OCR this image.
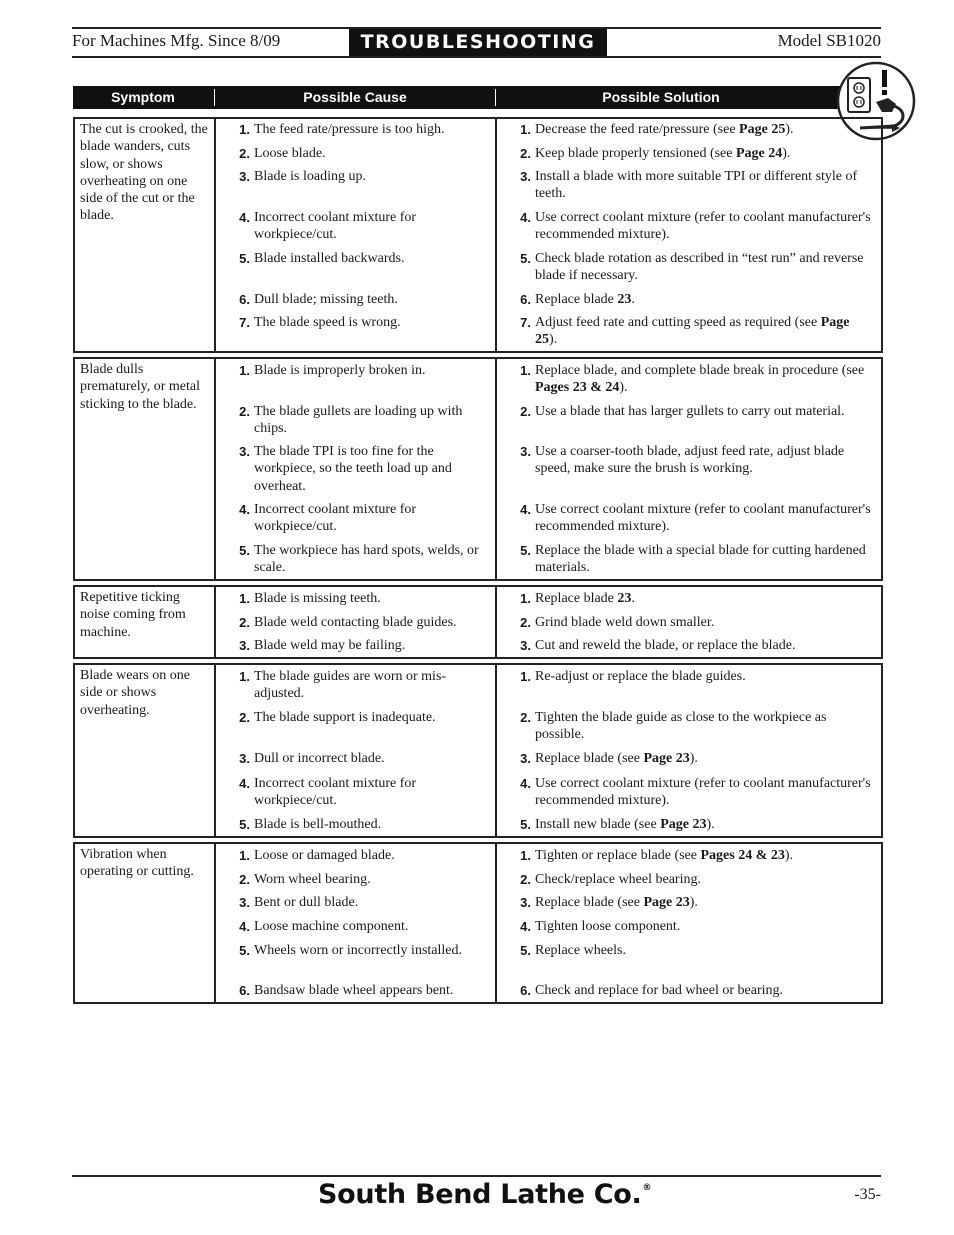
For Machines Mfg. Since 8/09	TROUBLESHOOTING	Model SB1020
Symptom	Possible Cause	Possible Solution
The cut is crooked, the blade wanders, cuts slow, or shows overheating on one side of the cut or the blade.
1. The feed rate/pressure is too high.
2. Loose blade.
3. Blade is loading up.
4. Incorrect coolant mixture for workpiece/cut.
5. Blade installed backwards.
6. Dull blade; missing teeth.
7. The blade speed is wrong.
1. Decrease the feed rate/pressure (see Page 25).
2. Keep blade properly tensioned (see Page 24).
3. Install a blade with more suitable TPI or different style of teeth.
4. Use correct coolant mixture (refer to coolant manufacturer's recommended mixture).
5. Check blade rotation as described in “test run” and reverse blade if necessary.
6. Replace blade 23.
7. Adjust feed rate and cutting speed as required (see Page 25).
Blade dulls prematurely, or metal sticking to the blade.
1. Blade is improperly broken in.
2. The blade gullets are loading up with chips.
3. The blade TPI is too fine for the workpiece, so the teeth load up and overheat.
4. Incorrect coolant mixture for workpiece/cut.
5. The workpiece has hard spots, welds, or scale.
1. Replace blade, and complete blade break in procedure (see Pages 23 & 24).
2. Use a blade that has larger gullets to carry out material.
3. Use a coarser-tooth blade, adjust feed rate, adjust blade speed, make sure the brush is working.
4. Use correct coolant mixture (refer to coolant manufacturer's recommended mixture).
5. Replace the blade with a special blade for cutting hardened materials.
Repetitive ticking noise coming from machine.
1. Blade is missing teeth.
2. Blade weld contacting blade guides.
3. Blade weld may be failing.
1. Replace blade 23.
2. Grind blade weld down smaller.
3. Cut and reweld the blade, or replace the blade.
Blade wears on one side or shows overheating.
1. The blade guides are worn or mis-adjusted.
2. The blade support is inadequate.
3. Dull or incorrect blade.
4. Incorrect coolant mixture for workpiece/cut.
5. Blade is bell-mouthed.
1. Re-adjust or replace the blade guides.
2. Tighten the blade guide as close to the workpiece as possible.
3. Replace blade (see Page 23).
4. Use correct coolant mixture (refer to coolant manufacturer's recommended mixture).
5. Install new blade (see Page 23).
Vibration when operating or cutting.
1. Loose or damaged blade.
2. Worn wheel bearing.
3. Bent or dull blade.
4. Loose machine component.
5. Wheels worn or incorrectly installed.
6. Bandsaw blade wheel appears bent.
1. Tighten or replace blade (see Pages 24 & 23).
2. Check/replace wheel bearing.
3. Replace blade (see Page 23).
4. Tighten loose component.
5. Replace wheels.
6. Check and replace for bad wheel or bearing.
South Bend Lathe Co.®	-35-
